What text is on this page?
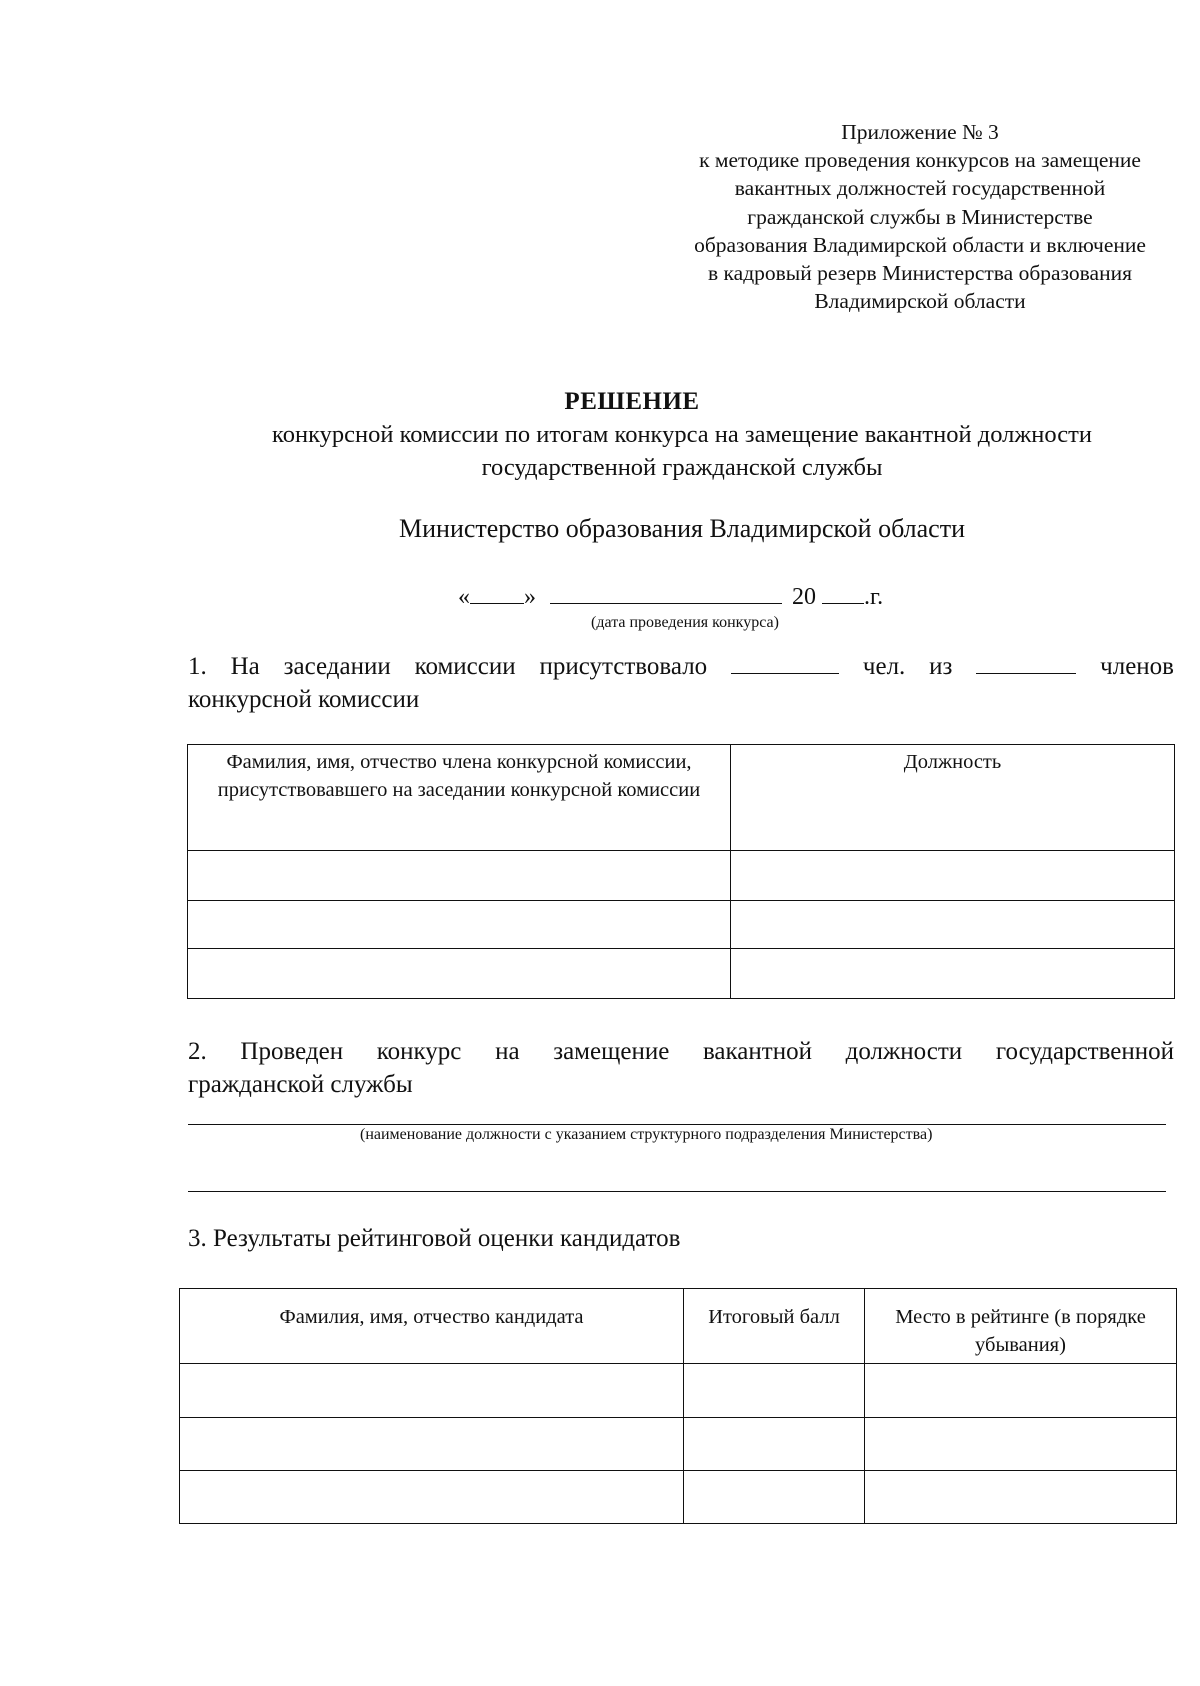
Приложение № 3
к методике проведения конкурсов на замещение
вакантных должностей государственной
гражданской службы в Министерстве
образования Владимирской области и включение
в кадровый резерв Министерства образования
Владимирской области
РЕШЕНИЕ
конкурсной комиссии по итогам конкурса на замещение вакантной должности
государственной гражданской службы
Министерство образования Владимирской области
« »	20 .г.
(дата проведения конкурса)
1. На заседании комиссии присутствовало	чел. из	членов
конкурсной комиссии
Фамилия, имя, отчество члена конкурсной комиссии, присутствовавшего на заседании конкурсной комиссии	Должность

2. Проведен конкурс на замещение вакантной должности государственной
гражданской службы
(наименование должности с указанием структурного подразделения Министерства)
3. Результаты рейтинговой оценки кандидатов
Фамилия, имя, отчество кандидата	Итоговый балл	Место в рейтинге (в порядке убывания)
